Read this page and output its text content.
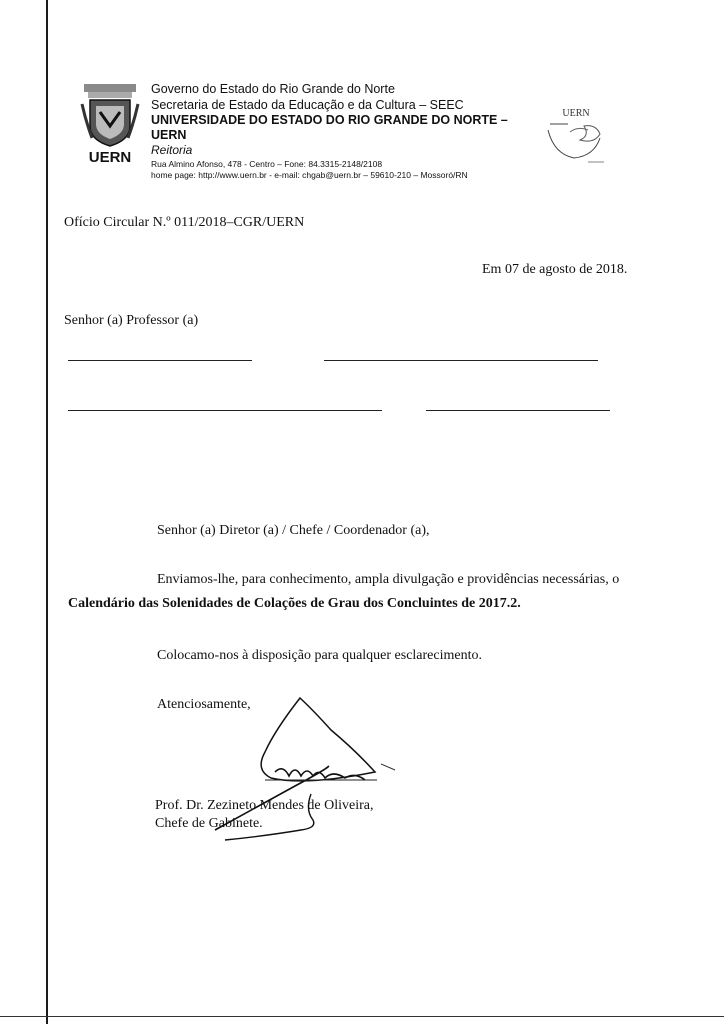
UERN
Governo do Estado do Rio Grande do Norte
Secretaria de Estado da Educação e da Cultura – SEEC
UNIVERSIDADE DO ESTADO DO RIO GRANDE DO NORTE –
UERN
Reitoria
Rua Almino Afonso, 478 - Centro – Fone: 84.3315-2148/2108
home page: http://www.uern.br - e-mail: chgab@uern.br – 59610-210 – Mossoró/RN
UERN
Ofício Circular N.º 011/2018–CGR/UERN
Em 07 de agosto de 2018.
Senhor (a) Professor (a)
Senhor (a) Diretor (a) / Chefe / Coordenador (a),
Enviamos-lhe, para conhecimento, ampla divulgação e providências necessárias, o
Calendário das Solenidades de Colações de Grau dos Concluintes de 2017.2.
Colocamo-nos à disposição para qualquer esclarecimento.
Atenciosamente,
Prof. Dr. Zezineto Mendes de Oliveira,
Chefe de Gabinete.
